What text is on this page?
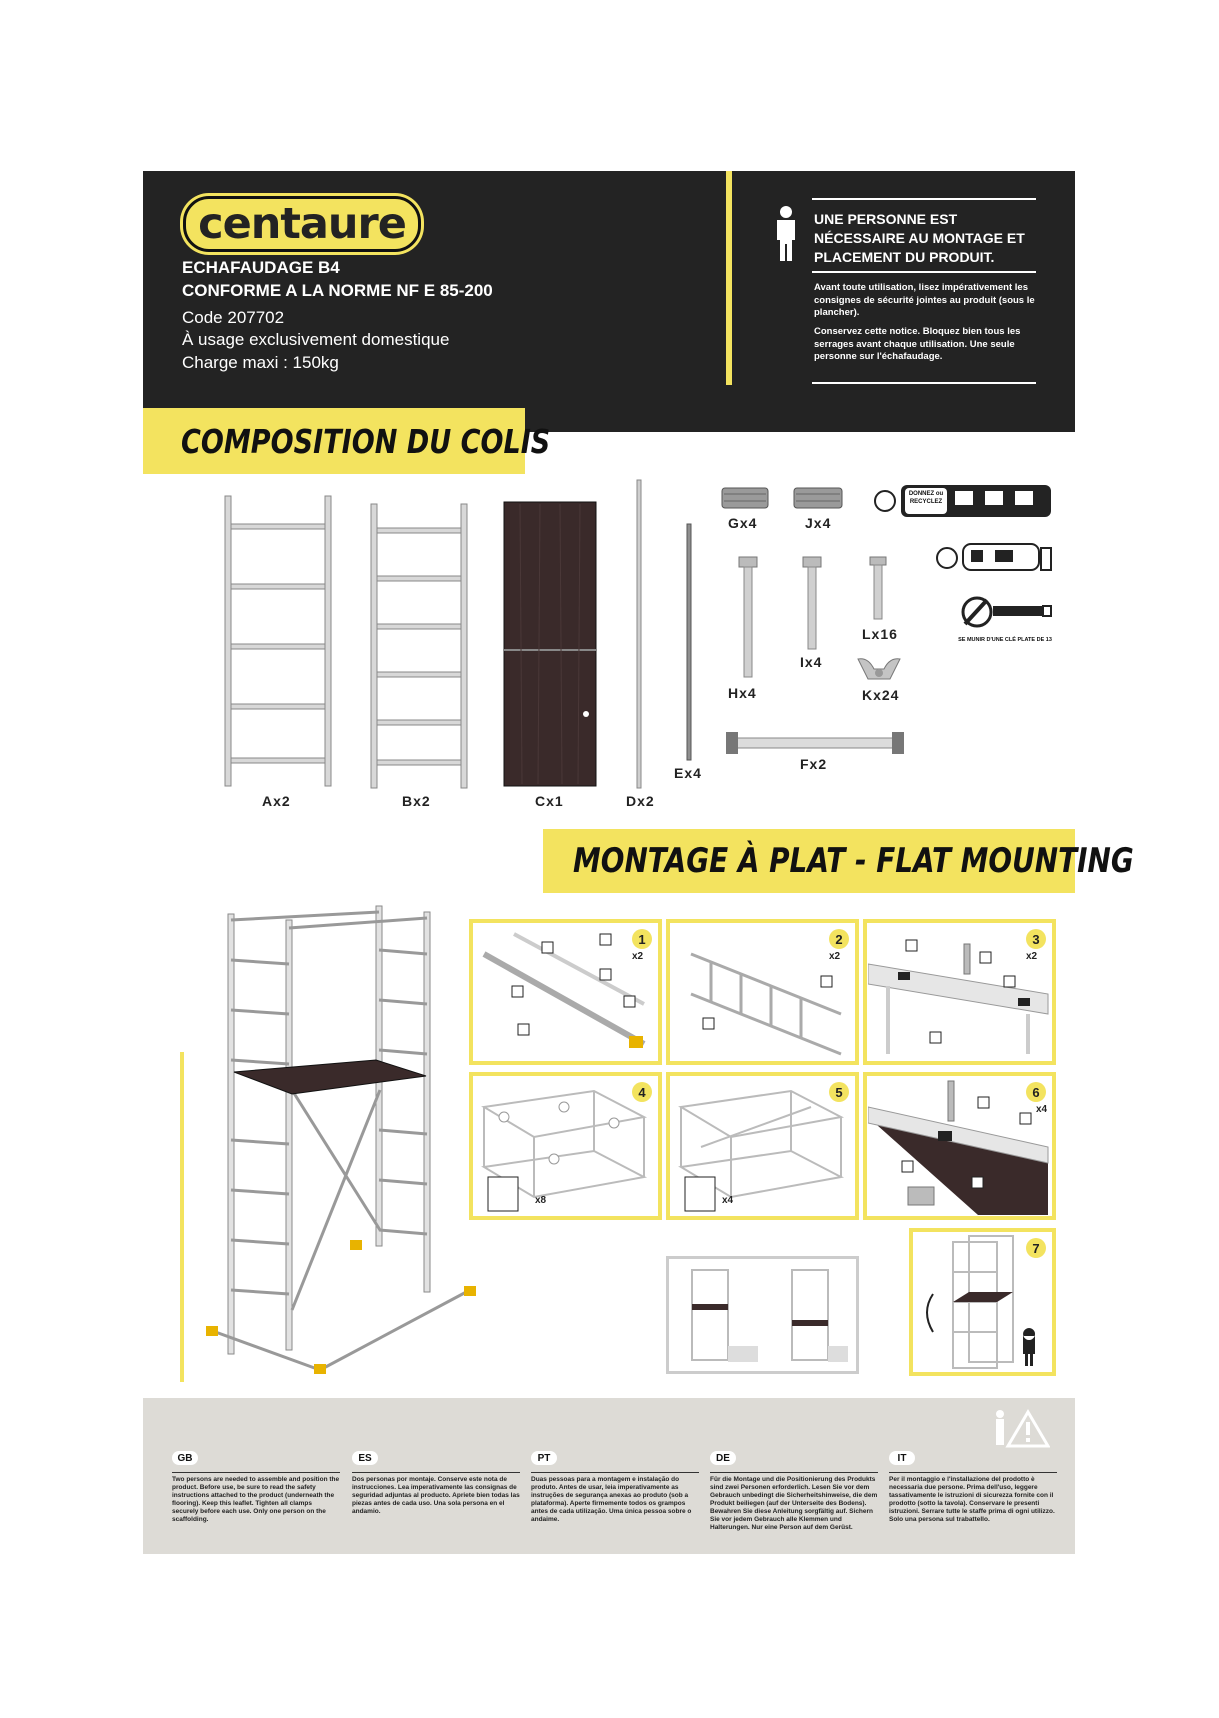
centaure
ECHAFAUDAGE B4
CONFORME A LA NORME NF E 85-200
Code 207702
À usage exclusivement domestique
Charge maxi : 150kg
UNE PERSONNE EST NÉCESSAIRE AU MONTAGE ET PLACEMENT DU PRODUIT.
Avant toute utilisation, lisez impérativement les consignes de sécurité jointes au produit (sous le plancher).
Conservez cette notice. Bloquez bien tous les serrages avant chaque utilisation. Une seule personne sur l'échafaudage.
COMPOSITION DU COLIS
Ax2	Bx2	Cx1	Dx2
Ex4
Gx4	Jx4
Hx4
Ix4
Lx16
Kx24
Fx2
DONNEZ ou RECYCLEZ
SE MUNIR D'UNE CLÉ PLATE DE 13
MONTAGE À PLAT - FLAT MOUNTING
1
x2
2
x2
3
x2
4
x8
5
x4
6
x4
7
GB
Two persons are needed to assemble and position the product. Before use, be sure to read the safety instructions attached to the product (underneath the flooring). Keep this leaflet. Tighten all clamps securely before each use. Only one person on the scaffolding.
ES
Dos personas por montaje. Conserve este nota de instrucciones. Lea imperativamente las consignas de seguridad adjuntas al producto. Apriete bien todas las piezas antes de cada uso. Una sola persona en el andamio.
PT
Duas pessoas para a montagem e instalação do produto. Antes de usar, leia imperativamente as instruções de segurança anexas ao produto (sob a plataforma). Aperte firmemente todos os grampos antes de cada utilização. Uma única pessoa sobre o andaime.
DE
Für die Montage und die Positionierung des Produkts sind zwei Personen erforderlich. Lesen Sie vor dem Gebrauch unbedingt die Sicherheitshinweise, die dem Produkt beiliegen (auf der Unterseite des Bodens). Bewahren Sie diese Anleitung sorgfältig auf. Sichern Sie vor jedem Gebrauch alle Klemmen und Halterungen. Nur eine Person auf dem Gerüst.
IT
Per il montaggio e l'installazione del prodotto è necessaria due persone. Prima dell'uso, leggere tassativamente le istruzioni di sicurezza fornite con il prodotto (sotto la tavola). Conservare le presenti istruzioni. Serrare tutte le staffe prima di ogni utilizzo. Solo una persona sul trabattello.
